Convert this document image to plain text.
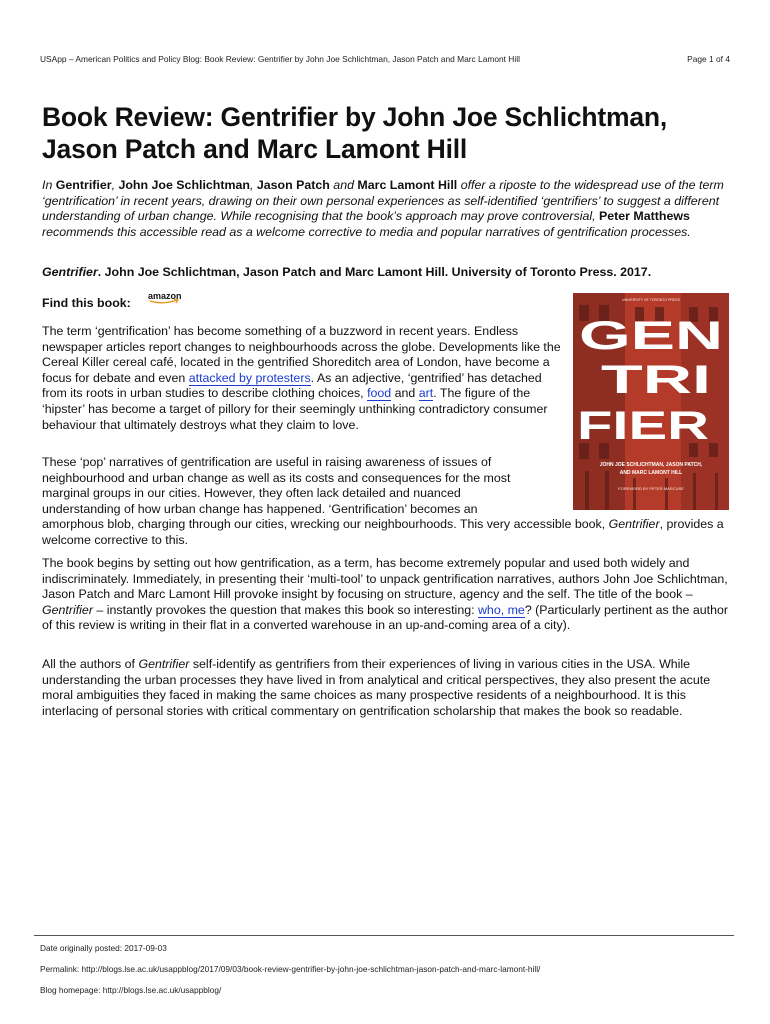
USApp – American Politics and Policy Blog: Book Review: Gentrifier by John Joe Schlichtman, Jason Patch and Marc Lamont Hill	Page 1 of 4
Book Review: Gentrifier by John Joe Schlichtman,
Jason Patch and Marc Lamont Hill

In Gentrifier, John Joe Schlichtman, Jason Patch and Marc Lamont Hill offer a riposte to the widespread use of the term ‘gentrification’ in recent years, drawing on their own personal experiences as self-identified ‘gentrifiers’ to suggest a different understanding of urban change. While recognising that the book’s approach may prove controversial, Peter Matthews recommends this accessible read as a welcome corrective to media and popular narratives of gentrification processes.

Gentrifier. John Joe Schlichtman, Jason Patch and Marc Lamont Hill. University of Toronto Press. 2017.

Find this book: amazon	UNIVERSITY OF TORONTO PRESS
GEN
TRI
FIER
JOHN JOE SCHLICHTMAN, JASON PATCH,
AND MARC LAMONT HILL
FOREWORD BY PETER MARCUSE

The term ‘gentrification’ has become something of a buzzword in recent years. Endless newspaper articles report changes to neighbourhoods across the globe. Developments like the Cereal Killer cereal café, located in the gentrified Shoreditch area of London, have become a focus for debate and even attacked by protesters. As an adjective, ‘gentrified’ has detached from its roots in urban studies to describe clothing choices, food and art. The figure of the ‘hipster’ has become a target of pillory for their seemingly unthinking contradictory consumer behaviour that ultimately destroys what they claim to love.

These ‘pop’ narratives of gentrification are useful in raising awareness of issues of
neighbourhood and urban change as well as its costs and consequences for the most
marginal groups in our cities. However, they often lack detailed and nuanced
understanding of how urban change has happened. ‘Gentrification’ becomes an
amorphous blob, charging through our cities, wrecking our neighbourhoods. This very accessible book, Gentrifier, provides a welcome corrective to this.

The book begins by setting out how gentrification, as a term, has become extremely popular and used both widely and indiscriminately. Immediately, in presenting their ‘multi-tool’ to unpack gentrification narratives, authors John Joe Schlichtman, Jason Patch and Marc Lamont Hill provoke insight by focusing on structure, agency and the self. The title of the book – Gentrifier – instantly provokes the question that makes this book so interesting: who, me? (Particularly pertinent as the author of this review is writing in their flat in a converted warehouse in an up-and-coming area of a city).

All the authors of Gentrifier self-identify as gentrifiers from their experiences of living in various cities in the USA. While understanding the urban processes they have lived in from analytical and critical perspectives, they also present the acute moral ambiguities they faced in making the same choices as many prospective residents of a neighbourhood. It is this interlacing of personal stories with critical commentary on gentrification scholarship that makes the book so readable.

Date originally posted: 2017-09-03
Permalink: http://blogs.lse.ac.uk/usappblog/2017/09/03/book-review-gentrifier-by-john-joe-schlichtman-jason-patch-and-marc-lamont-hill/
Blog homepage: http://blogs.lse.ac.uk/usappblog/
